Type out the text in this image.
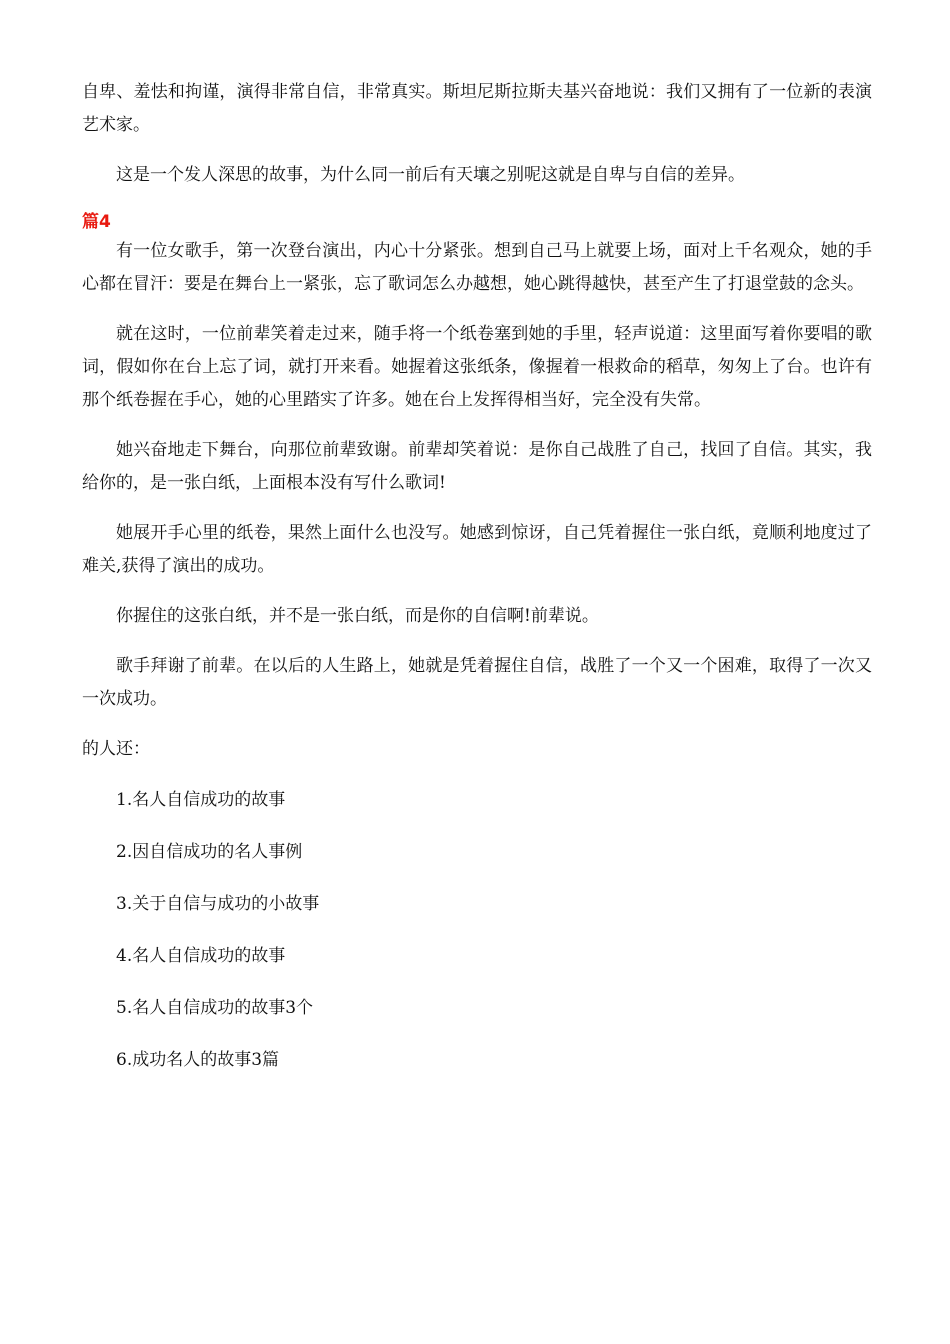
自卑、羞怯和拘谨，演得非常自信，非常真实。斯坦尼斯拉斯夫基兴奋地说：我们又拥有了一位新的表演艺术家。

这是一个发人深思的故事，为什么同一前后有天壤之别呢这就是自卑与自信的差异。

篇4

有一位女歌手，第一次登台演出，内心十分紧张。想到自己马上就要上场，面对上千名观众，她的手心都在冒汗：要是在舞台上一紧张，忘了歌词怎么办越想，她心跳得越快，甚至产生了打退堂鼓的念头。

就在这时，一位前辈笑着走过来，随手将一个纸卷塞到她的手里，轻声说道：这里面写着你要唱的歌词，假如你在台上忘了词，就打开来看。她握着这张纸条，像握着一根救命的稻草，匆匆上了台。也许有那个纸卷握在手心，她的心里踏实了许多。她在台上发挥得相当好，完全没有失常。

她兴奋地走下舞台，向那位前辈致谢。前辈却笑着说：是你自己战胜了自己，找回了自信。其实，我给你的，是一张白纸，上面根本没有写什么歌词!

她展开手心里的纸卷，果然上面什么也没写。她感到惊讶，自己凭着握住一张白纸，竟顺利地度过了难关,获得了演出的成功。

你握住的这张白纸，并不是一张白纸，而是你的自信啊!前辈说。

歌手拜谢了前辈。在以后的人生路上，她就是凭着握住自信，战胜了一个又一个困难，取得了一次又一次成功。

的人还：
1.名人自信成功的故事
2.因自信成功的名人事例
3.关于自信与成功的小故事
4.名人自信成功的故事
5.名人自信成功的故事3个
6.成功名人的故事3篇
